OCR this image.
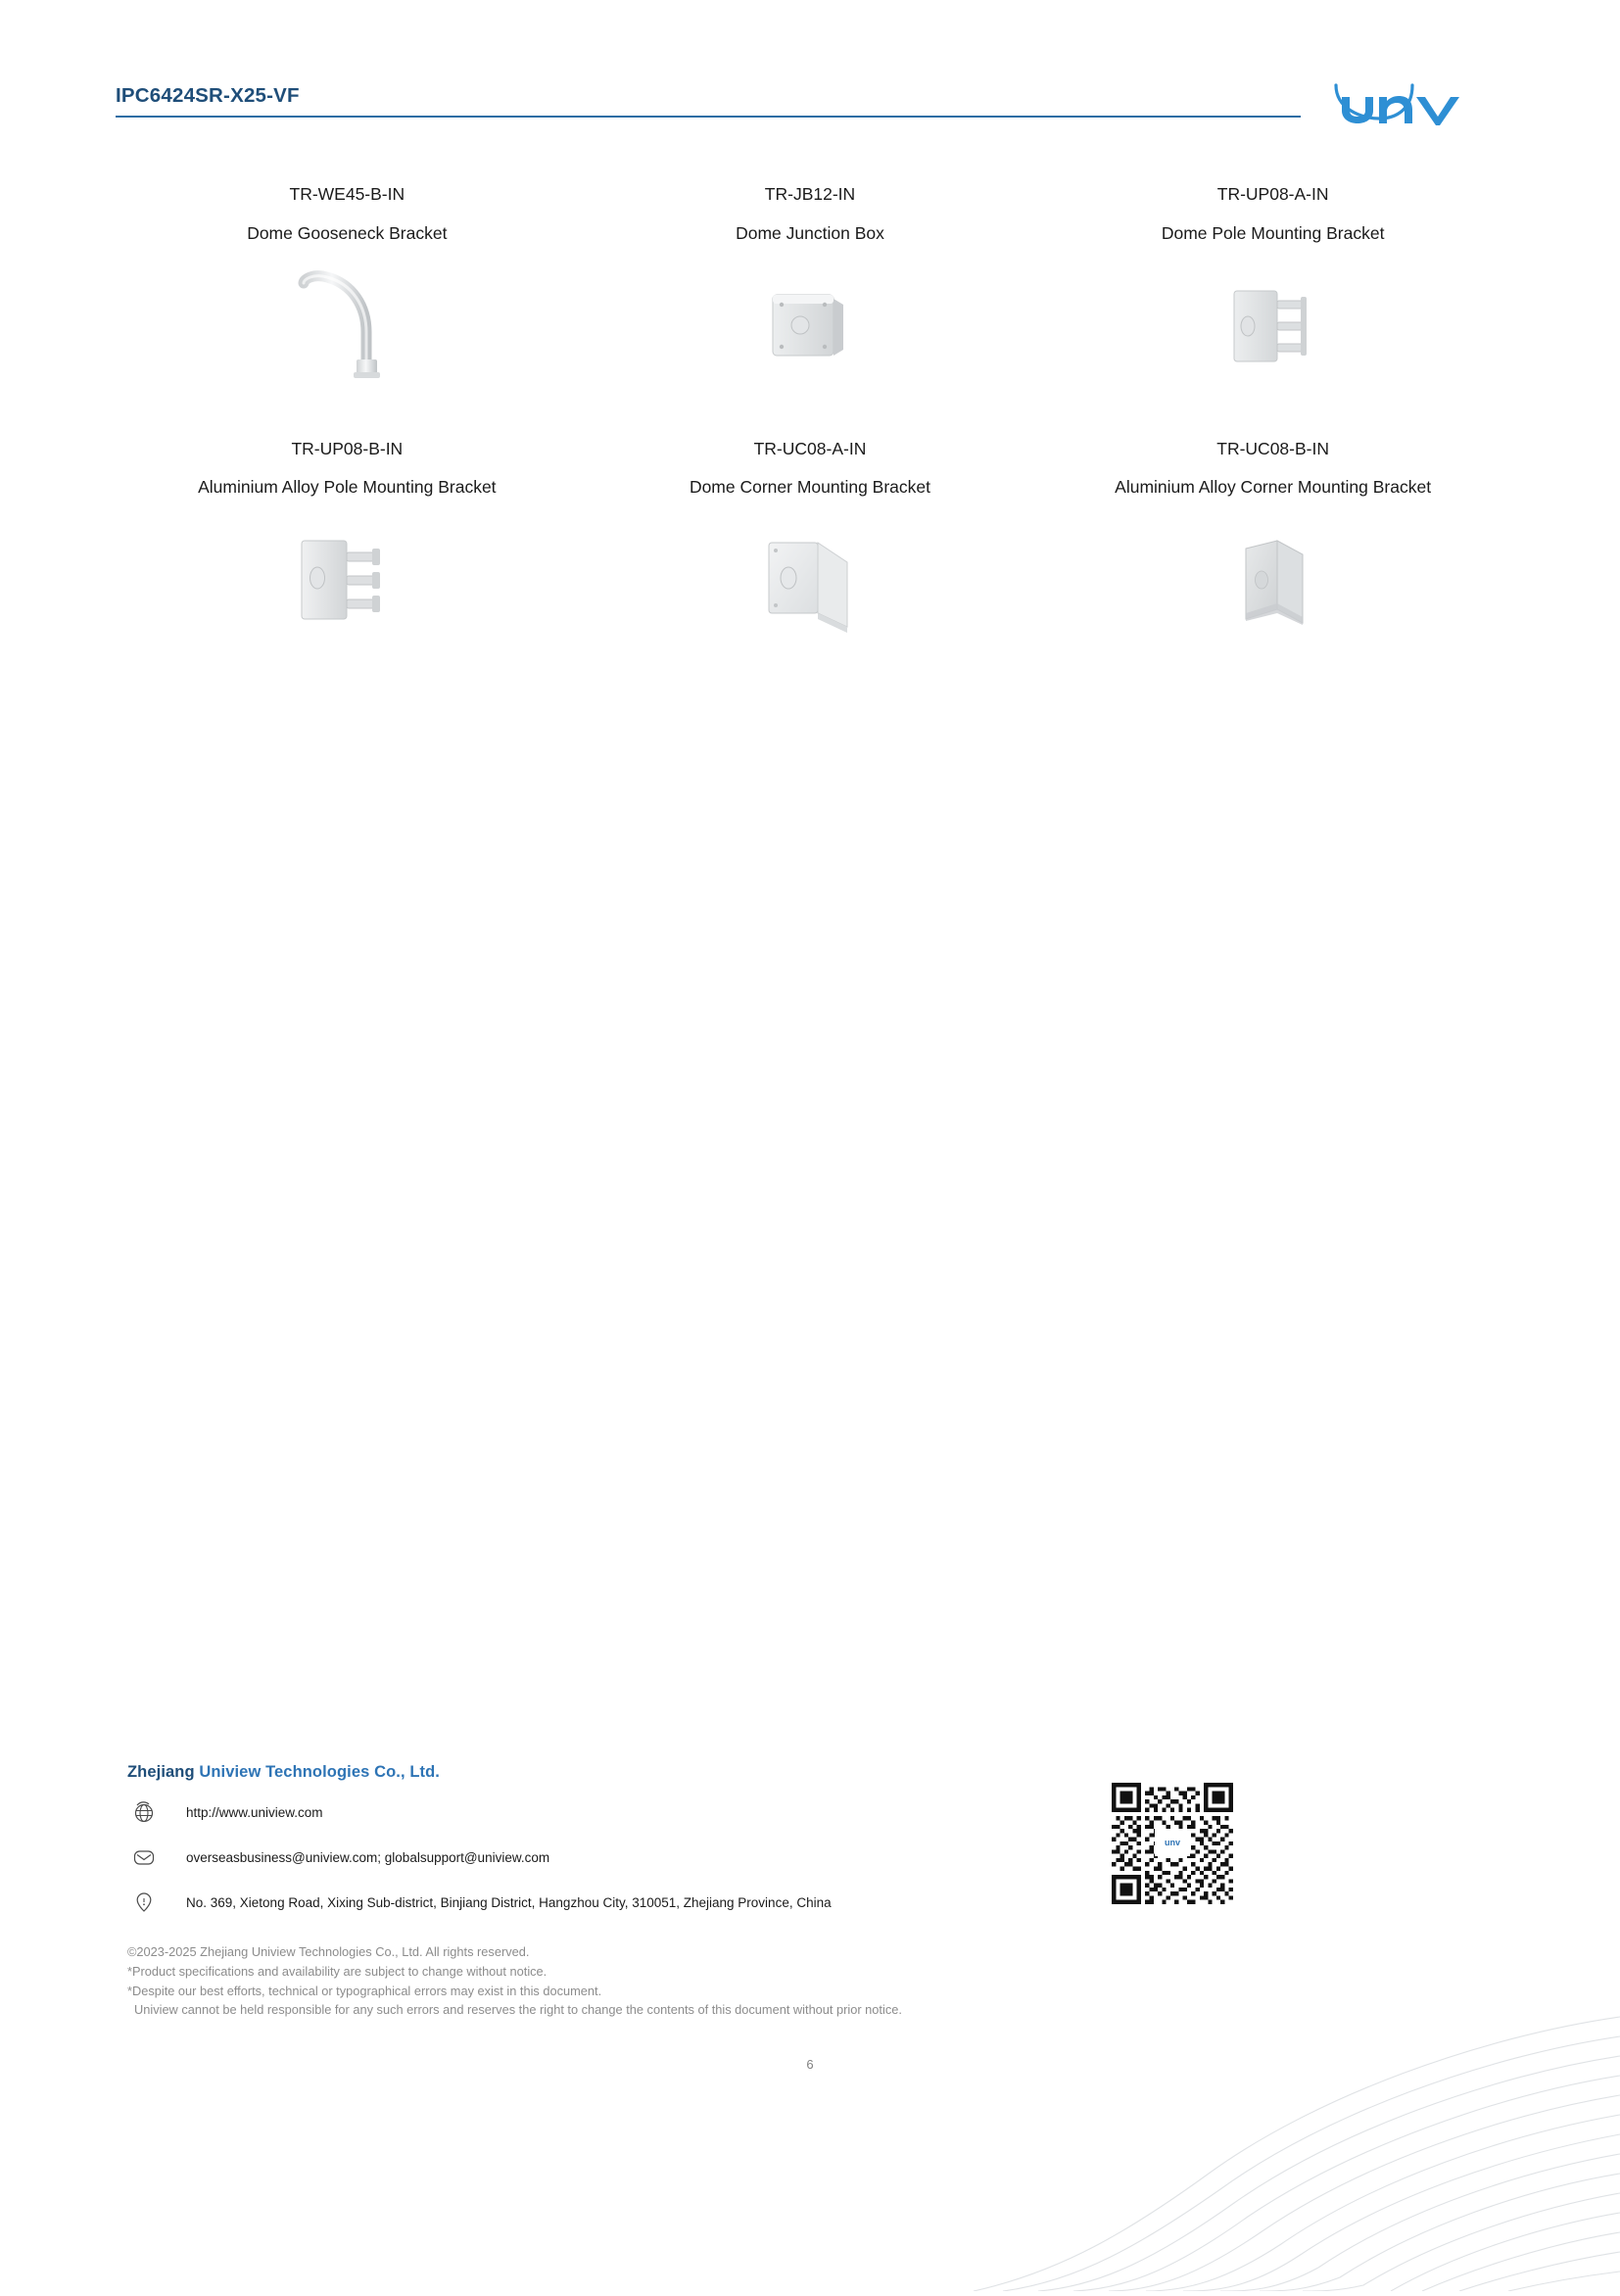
IPC6424SR-X25-VF
TR-WE45-B-IN
Dome Gooseneck Bracket
TR-JB12-IN
Dome Junction Box
TR-UP08-A-IN
Dome Pole Mounting Bracket
TR-UP08-B-IN
Aluminium Alloy Pole Mounting Bracket
TR-UC08-A-IN
Dome Corner Mounting Bracket
TR-UC08-B-IN
Aluminium Alloy Corner Mounting Bracket
Zhejiang Uniview Technologies Co., Ltd.
http://www.uniview.com
overseasbusiness@uniview.com; globalsupport@uniview.com
No. 369, Xietong Road, Xixing Sub-district, Binjiang District, Hangzhou City, 310051, Zhejiang Province, China
©2023-2025 Zhejiang Uniview Technologies Co., Ltd. All rights reserved.
*Product specifications and availability are subject to change without notice.
*Despite our best efforts, technical or typographical errors may exist in this document.
Uniview cannot be held responsible for any such errors and reserves the right to change the contents of this document without prior notice.
unv
6
